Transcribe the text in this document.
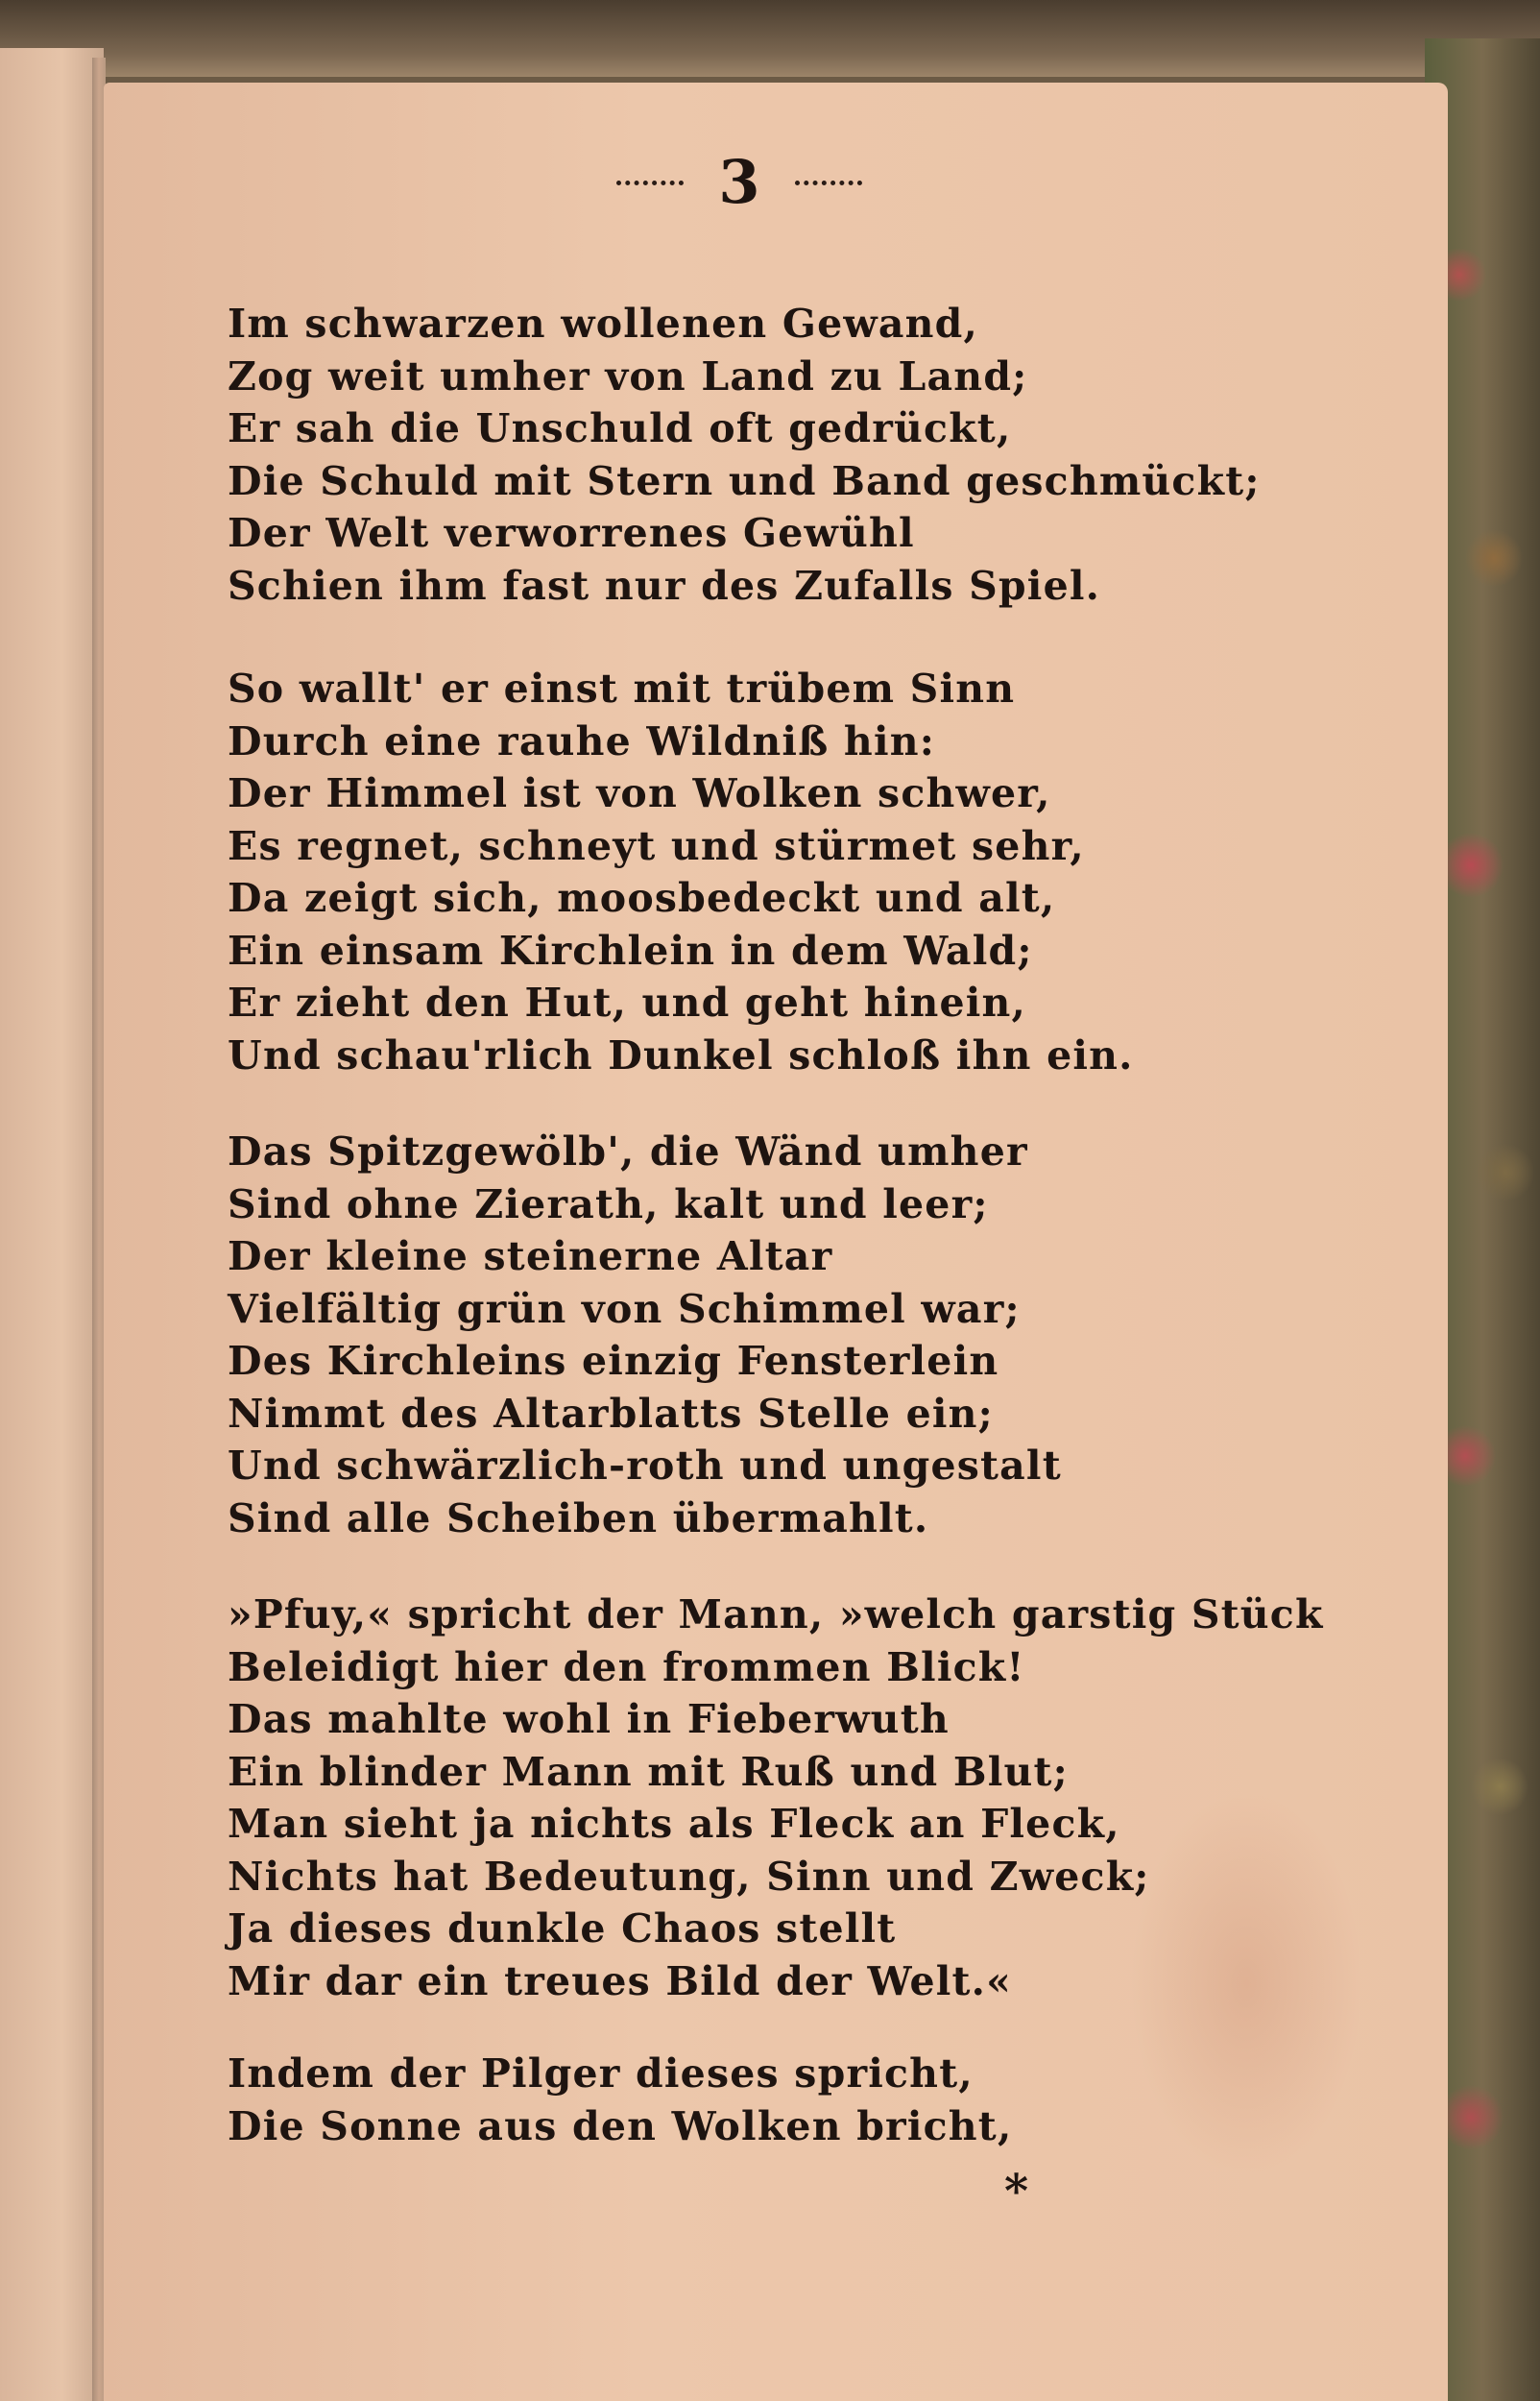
3
Im schwarzen wollenen Gewand,
Zog weit umher von Land zu Land;
Er sah die Unschuld oft gedrückt,
Die Schuld mit Stern und Band geschmückt;
Der Welt verworrenes Gewühl
Schien ihm fast nur des Zufalls Spiel.
So wallt' er einst mit trübem Sinn
Durch eine rauhe Wildniß hin:
Der Himmel ist von Wolken schwer,
Es regnet, schneyt und stürmet sehr,
Da zeigt sich, moosbedeckt und alt,
Ein einsam Kirchlein in dem Wald;
Er zieht den Hut, und geht hinein,
Und schau'rlich Dunkel schloß ihn ein.
Das Spitzgewölb', die Wänd umher
Sind ohne Zierath, kalt und leer;
Der kleine steinerne Altar
Vielfältig grün von Schimmel war;
Des Kirchleins einzig Fensterlein
Nimmt des Altarblatts Stelle ein;
Und schwärzlich-roth und ungestalt
Sind alle Scheiben übermahlt.
»Pfuy,« spricht der Mann, »welch garstig Stück
Beleidigt hier den frommen Blick!
Das mahlte wohl in Fieberwuth
Ein blinder Mann mit Ruß und Blut;
Man sieht ja nichts als Fleck an Fleck,
Nichts hat Bedeutung, Sinn und Zweck;
Ja dieses dunkle Chaos stellt
Mir dar ein treues Bild der Welt.«
Indem der Pilger dieses spricht,
Die Sonne aus den Wolken bricht,
*
